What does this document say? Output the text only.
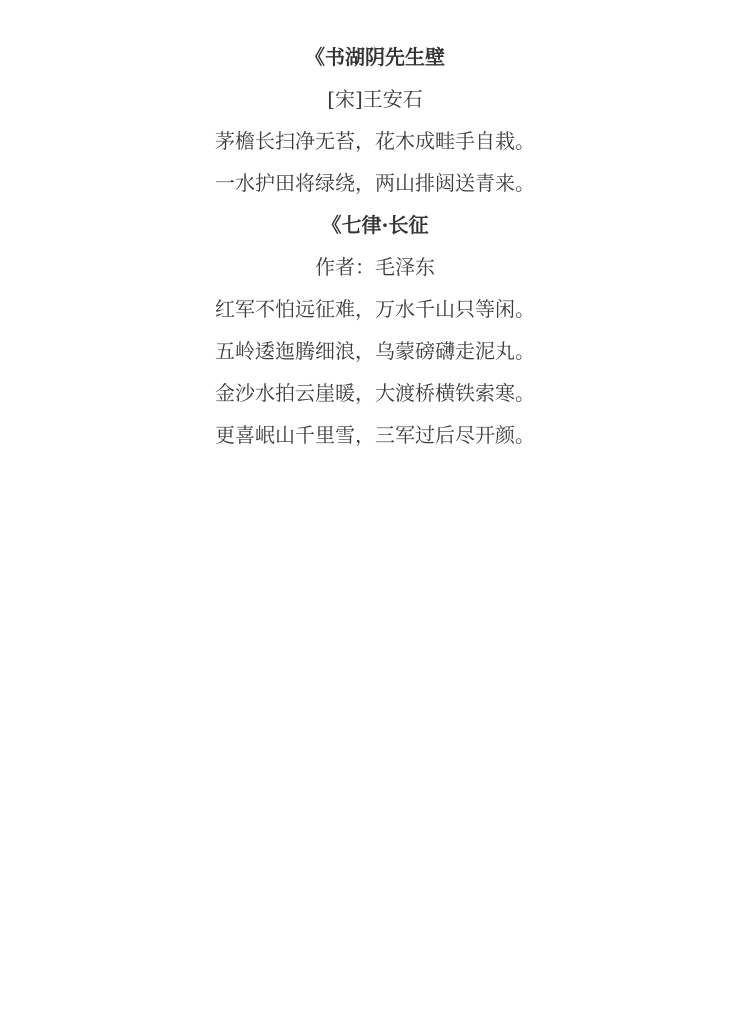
《书湖阴先生壁

[宋]王安石

茅檐长扫净无苔，花木成畦手自栽。

一水护田将绿绕，两山排闼送青来。

《七律·长征

作者：毛泽东

红军不怕远征难，万水千山只等闲。

五岭逶迤腾细浪，乌蒙磅礴走泥丸。

金沙水拍云崖暖，大渡桥横铁索寒。

更喜岷山千里雪，三军过后尽开颜。
